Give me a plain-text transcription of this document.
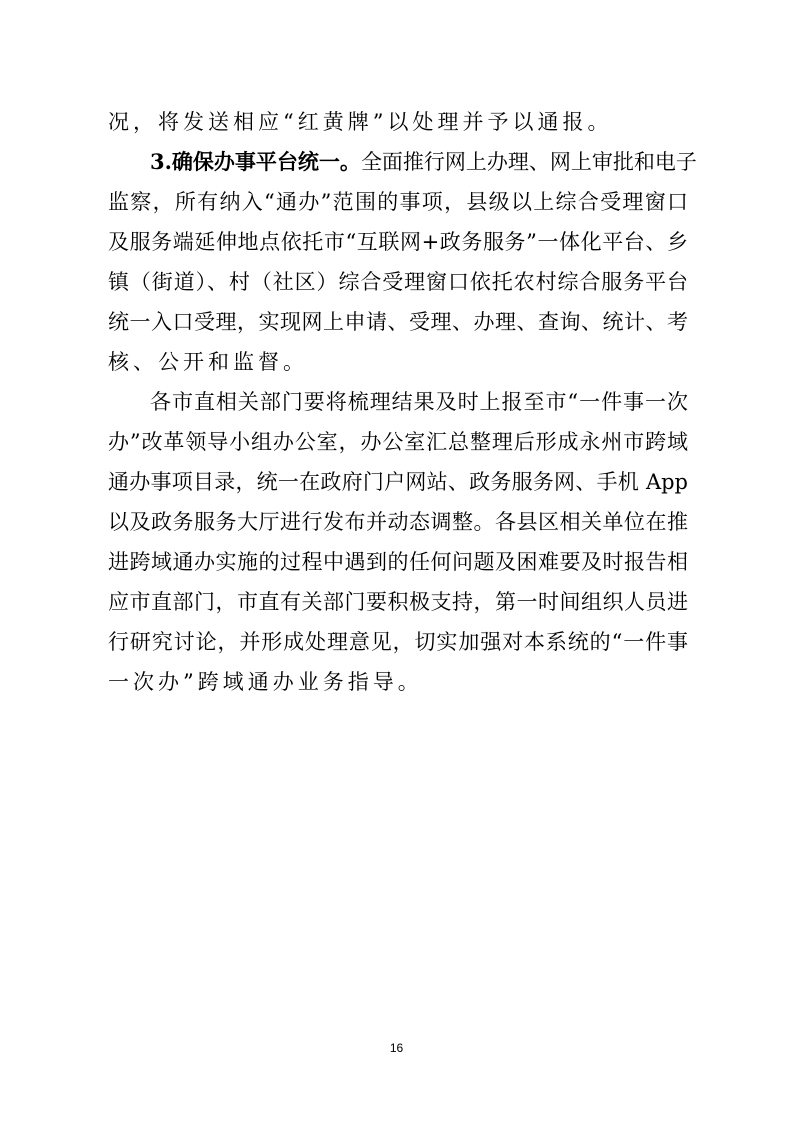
况，将发送相应“红黄牌”以处理并予以通报。
3.确保办事平台统一。全面推行网上办理、网上审批和电子
监察，所有纳入“通办”范围的事项，县级以上综合受理窗口
及服务端延伸地点依托市“互联网+政务服务”一体化平台、乡
镇（街道）、村（社区）综合受理窗口依托农村综合服务平台
统一入口受理，实现网上申请、受理、办理、查询、统计、考
核、公开和监督。
各市直相关部门要将梳理结果及时上报至市“一件事一次
办”改革领导小组办公室，办公室汇总整理后形成永州市跨域
通办事项目录，统一在政府门户网站、政务服务网、手机 App
以及政务服务大厅进行发布并动态调整。各县区相关单位在推
进跨域通办实施的过程中遇到的任何问题及困难要及时报告相
应市直部门，市直有关部门要积极支持，第一时间组织人员进
行研究讨论，并形成处理意见，切实加强对本系统的“一件事
一次办”跨域通办业务指导。
16
